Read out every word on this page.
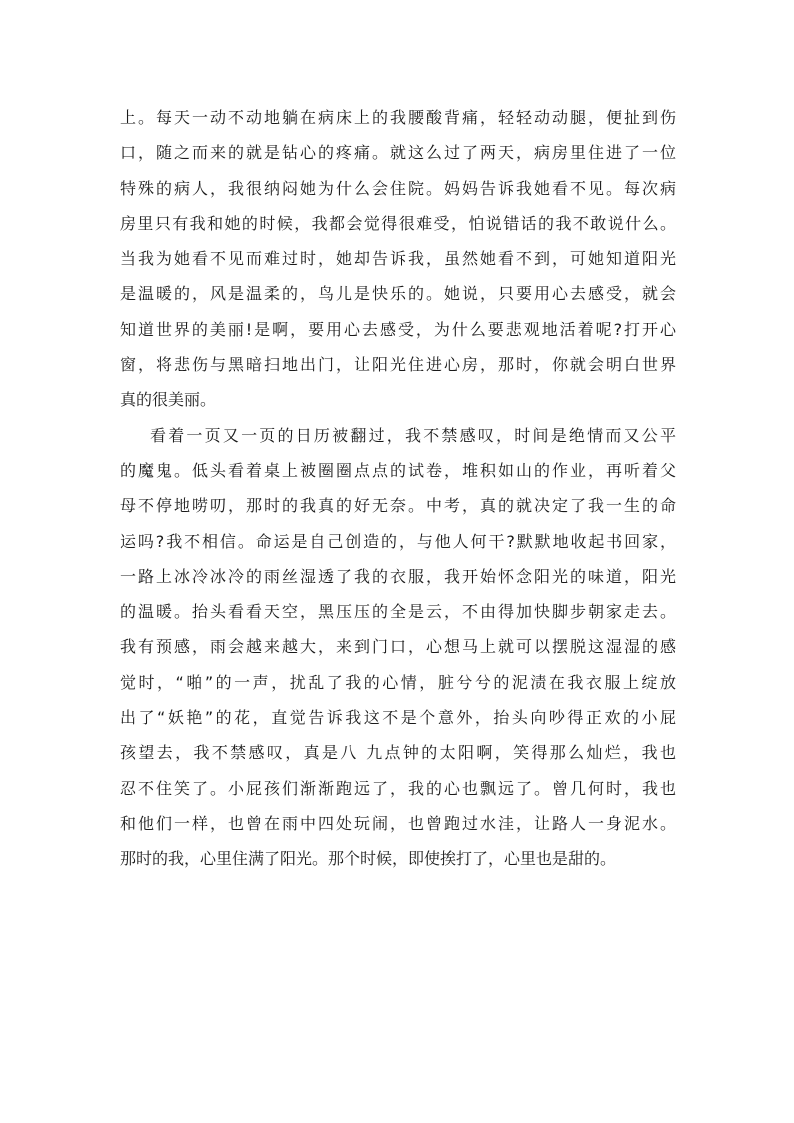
上。每天一动不动地躺在病床上的我腰酸背痛，轻轻动动腿，便扯到伤
口，随之而来的就是钻心的疼痛。就这么过了两天，病房里住进了一位
特殊的病人，我很纳闷她为什么会住院。妈妈告诉我她看不见。每次病
房里只有我和她的时候，我都会觉得很难受，怕说错话的我不敢说什么。
当我为她看不见而难过时，她却告诉我，虽然她看不到，可她知道阳光
是温暖的，风是温柔的，鸟儿是快乐的。她说，只要用心去感受，就会
知道世界的美丽!是啊，要用心去感受，为什么要悲观地活着呢?打开心
窗，将悲伤与黑暗扫地出门，让阳光住进心房，那时，你就会明白世界
真的很美丽。
看着一页又一页的日历被翻过，我不禁感叹，时间是绝情而又公平
的魔鬼。低头看着桌上被圈圈点点的试卷，堆积如山的作业，再听着父
母不停地唠叨，那时的我真的好无奈。中考，真的就决定了我一生的命
运吗?我不相信。命运是自己创造的，与他人何干?默默地收起书回家，
一路上冰冷冰冷的雨丝湿透了我的衣服，我开始怀念阳光的味道，阳光
的温暖。抬头看看天空，黑压压的全是云，不由得加快脚步朝家走去。
我有预感，雨会越来越大，来到门口，心想马上就可以摆脱这湿湿的感
觉时，“啪”的一声，扰乱了我的心情，脏兮兮的泥渍在我衣服上绽放
出了“妖艳”的花，直觉告诉我这不是个意外，抬头向吵得正欢的小屁
孩望去，我不禁感叹，真是八 九点钟的太阳啊，笑得那么灿烂，我也
忍不住笑了。小屁孩们渐渐跑远了，我的心也飘远了。曾几何时，我也
和他们一样，也曾在雨中四处玩闹，也曾跑过水洼，让路人一身泥水。
那时的我，心里住满了阳光。那个时候，即使挨打了，心里也是甜的。
